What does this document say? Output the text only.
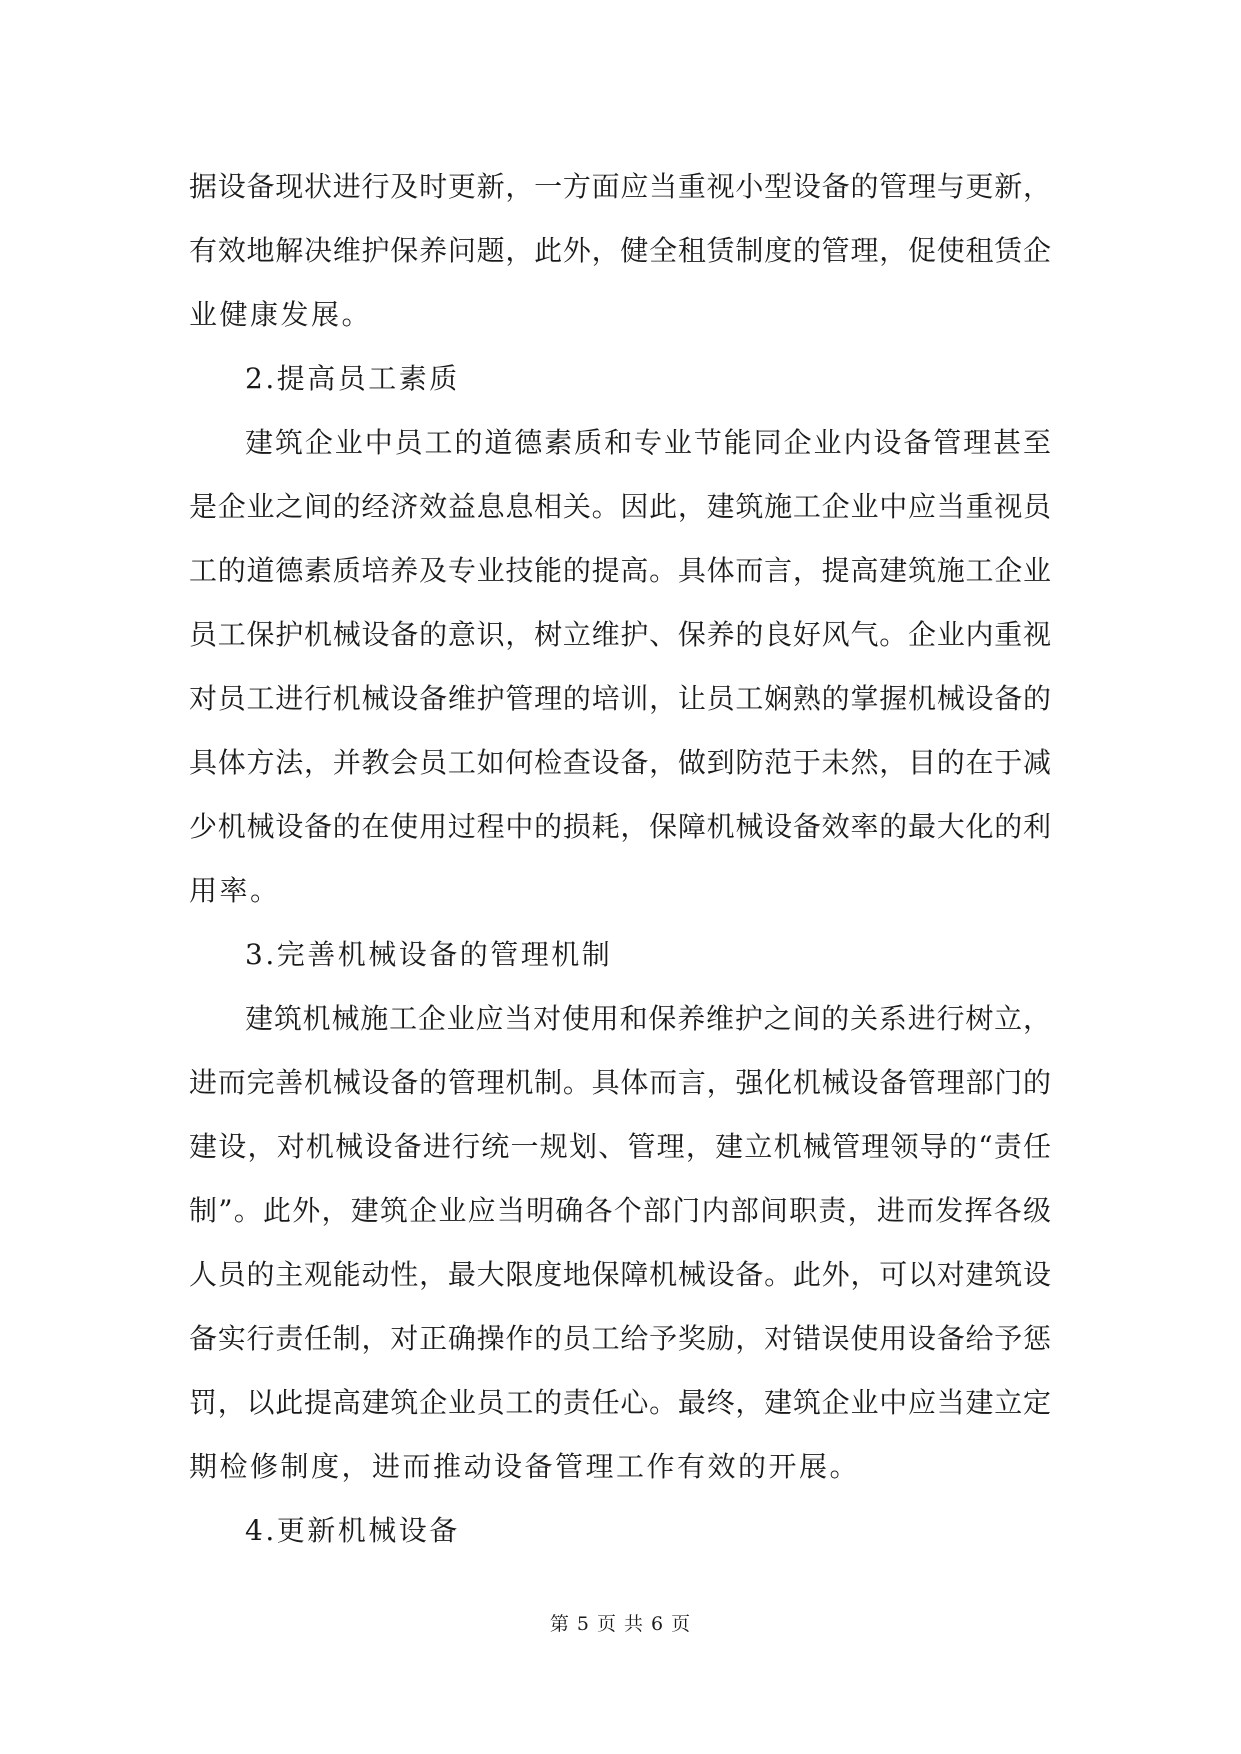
据设备现状进行及时更新，一方面应当重视小型设备的管理与更新，
有效地解决维护保养问题，此外，健全租赁制度的管理，促使租赁企
业健康发展。
2.提高员工素质
建筑企业中员工的道德素质和专业节能同企业内设备管理甚至
是企业之间的经济效益息息相关。因此，建筑施工企业中应当重视员
工的道德素质培养及专业技能的提高。具体而言，提高建筑施工企业
员工保护机械设备的意识，树立维护、保养的良好风气。企业内重视
对员工进行机械设备维护管理的培训，让员工娴熟的掌握机械设备的
具体方法，并教会员工如何检查设备，做到防范于未然，目的在于减
少机械设备的在使用过程中的损耗，保障机械设备效率的最大化的利
用率。
3.完善机械设备的管理机制
建筑机械施工企业应当对使用和保养维护之间的关系进行树立，
进而完善机械设备的管理机制。具体而言，强化机械设备管理部门的
建设，对机械设备进行统一规划、管理，建立机械管理领导的“责任
制”。此外，建筑企业应当明确各个部门内部间职责，进而发挥各级
人员的主观能动性，最大限度地保障机械设备。此外，可以对建筑设
备实行责任制，对正确操作的员工给予奖励，对错误使用设备给予惩
罚，以此提高建筑企业员工的责任心。最终，建筑企业中应当建立定
期检修制度，进而推动设备管理工作有效的开展。
4.更新机械设备
第 5 页 共 6 页
